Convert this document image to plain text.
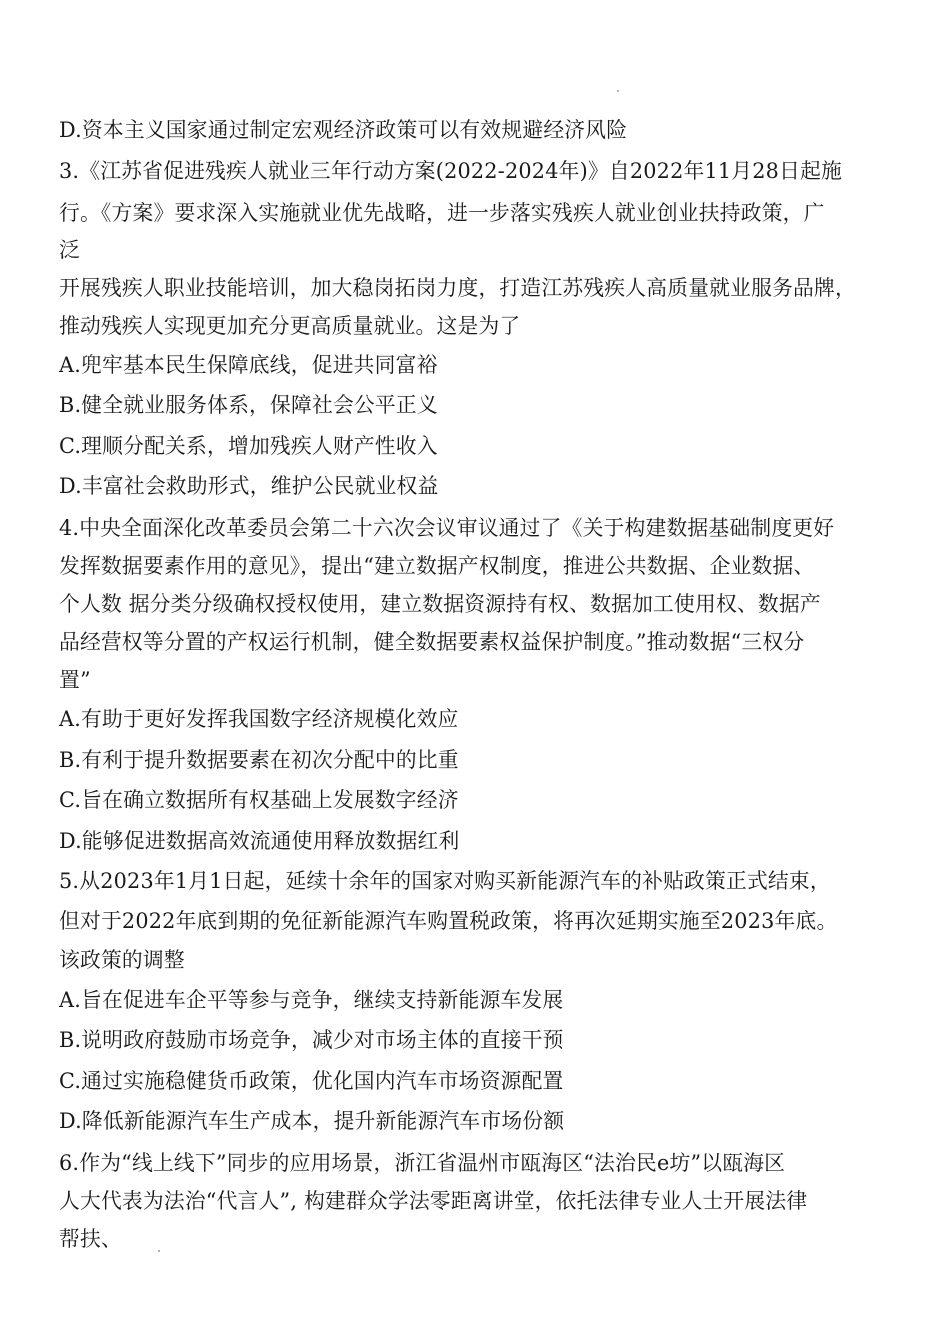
D.资本主义国家通过制定宏观经济政策可以有效规避经济风险
3.《江苏省促进残疾人就业三年行动方案(2022-2024年)》自2022年11月28日起施
行。《方案》要求深入实施就业优先战略，进一步落实残疾人就业创业扶持政策，广
泛
开展残疾人职业技能培训，加大稳岗拓岗力度，打造江苏残疾人高质量就业服务品牌，
推动残疾人实现更加充分更高质量就业。这是为了
A.兜牢基本民生保障底线，促进共同富裕
B.健全就业服务体系，保障社会公平正义
C.理顺分配关系，增加残疾人财产性收入
D.丰富社会救助形式，维护公民就业权益
4.中央全面深化改革委员会第二十六次会议审议通过了《关于构建数据基础制度更好
发挥数据要素作用的意见》，提出“建立数据产权制度，推进公共数据、企业数据、
个人数 据分类分级确权授权使用，建立数据资源持有权、数据加工使用权、数据产
品经营权等分置的产权运行机制，健全数据要素权益保护制度。”推动数据“三权分
置”
A.有助于更好发挥我国数字经济规模化效应
B.有利于提升数据要素在初次分配中的比重
C.旨在确立数据所有权基础上发展数字经济
D.能够促进数据高效流通使用释放数据红利
5.从2023年1月1日起，延续十余年的国家对购买新能源汽车的补贴政策正式结束，
但对于2022年底到期的免征新能源汽车购置税政策，将再次延期实施至2023年底。
该政策的调整
A.旨在促进车企平等参与竞争，继续支持新能源车发展
B.说明政府鼓励市场竞争，减少对市场主体的直接干预
C.通过实施稳健货币政策，优化国内汽车市场资源配置
D.降低新能源汽车生产成本，提升新能源汽车市场份额
6.作为“线上线下”同步的应用场景，浙江省温州市瓯海区“法治民e坊”以瓯海区
人大代表为法治“代言人”, 构建群众学法零距离讲堂，依托法律专业人士开展法律
帮扶、
